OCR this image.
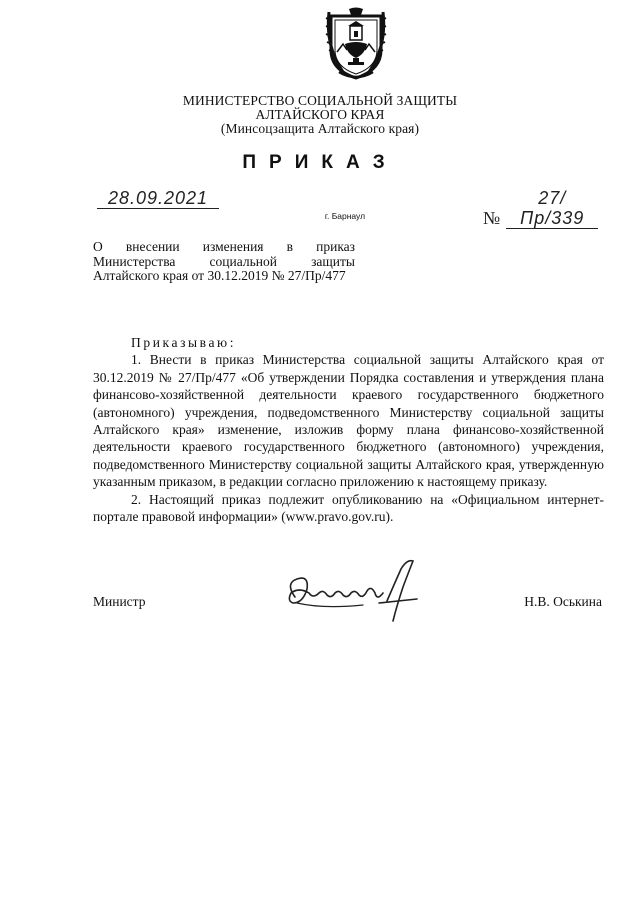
МИНИСТЕРСТВО СОЦИАЛЬНОЙ ЗАЩИТЫ
АЛТАЙСКОГО КРАЯ
(Минсоцзащита Алтайского края)
ПРИКАЗ
28.09.2021
№ 27/Пр/339
г. Барнаул
О внесении изменения в приказ Министерства социальной защиты Алтайского края от 30.12.2019 № 27/Пр/477

Приказываю:

1. Внести в приказ Министерства социальной защиты Алтайского края от 30.12.2019 № 27/Пр/477 «Об утверждении Порядка составления и утверждения плана финансово-хозяйственной деятельности краевого государственного бюджетного (автономного) учреждения, подведомственного Министерству социальной защиты Алтайского края» изменение, изложив форму плана финансово-хозяйственной деятельности краевого государственного бюджетного (автономного) учреждения, подведомственного Министерству социальной защиты Алтайского края, утвержденную указанным приказом, в редакции согласно приложению к настоящему приказу.

2. Настоящий приказ подлежит опубликованию на «Официальном интернет-портале правовой информации» (www.pravo.gov.ru).

Министр	Н.В. Оськина
